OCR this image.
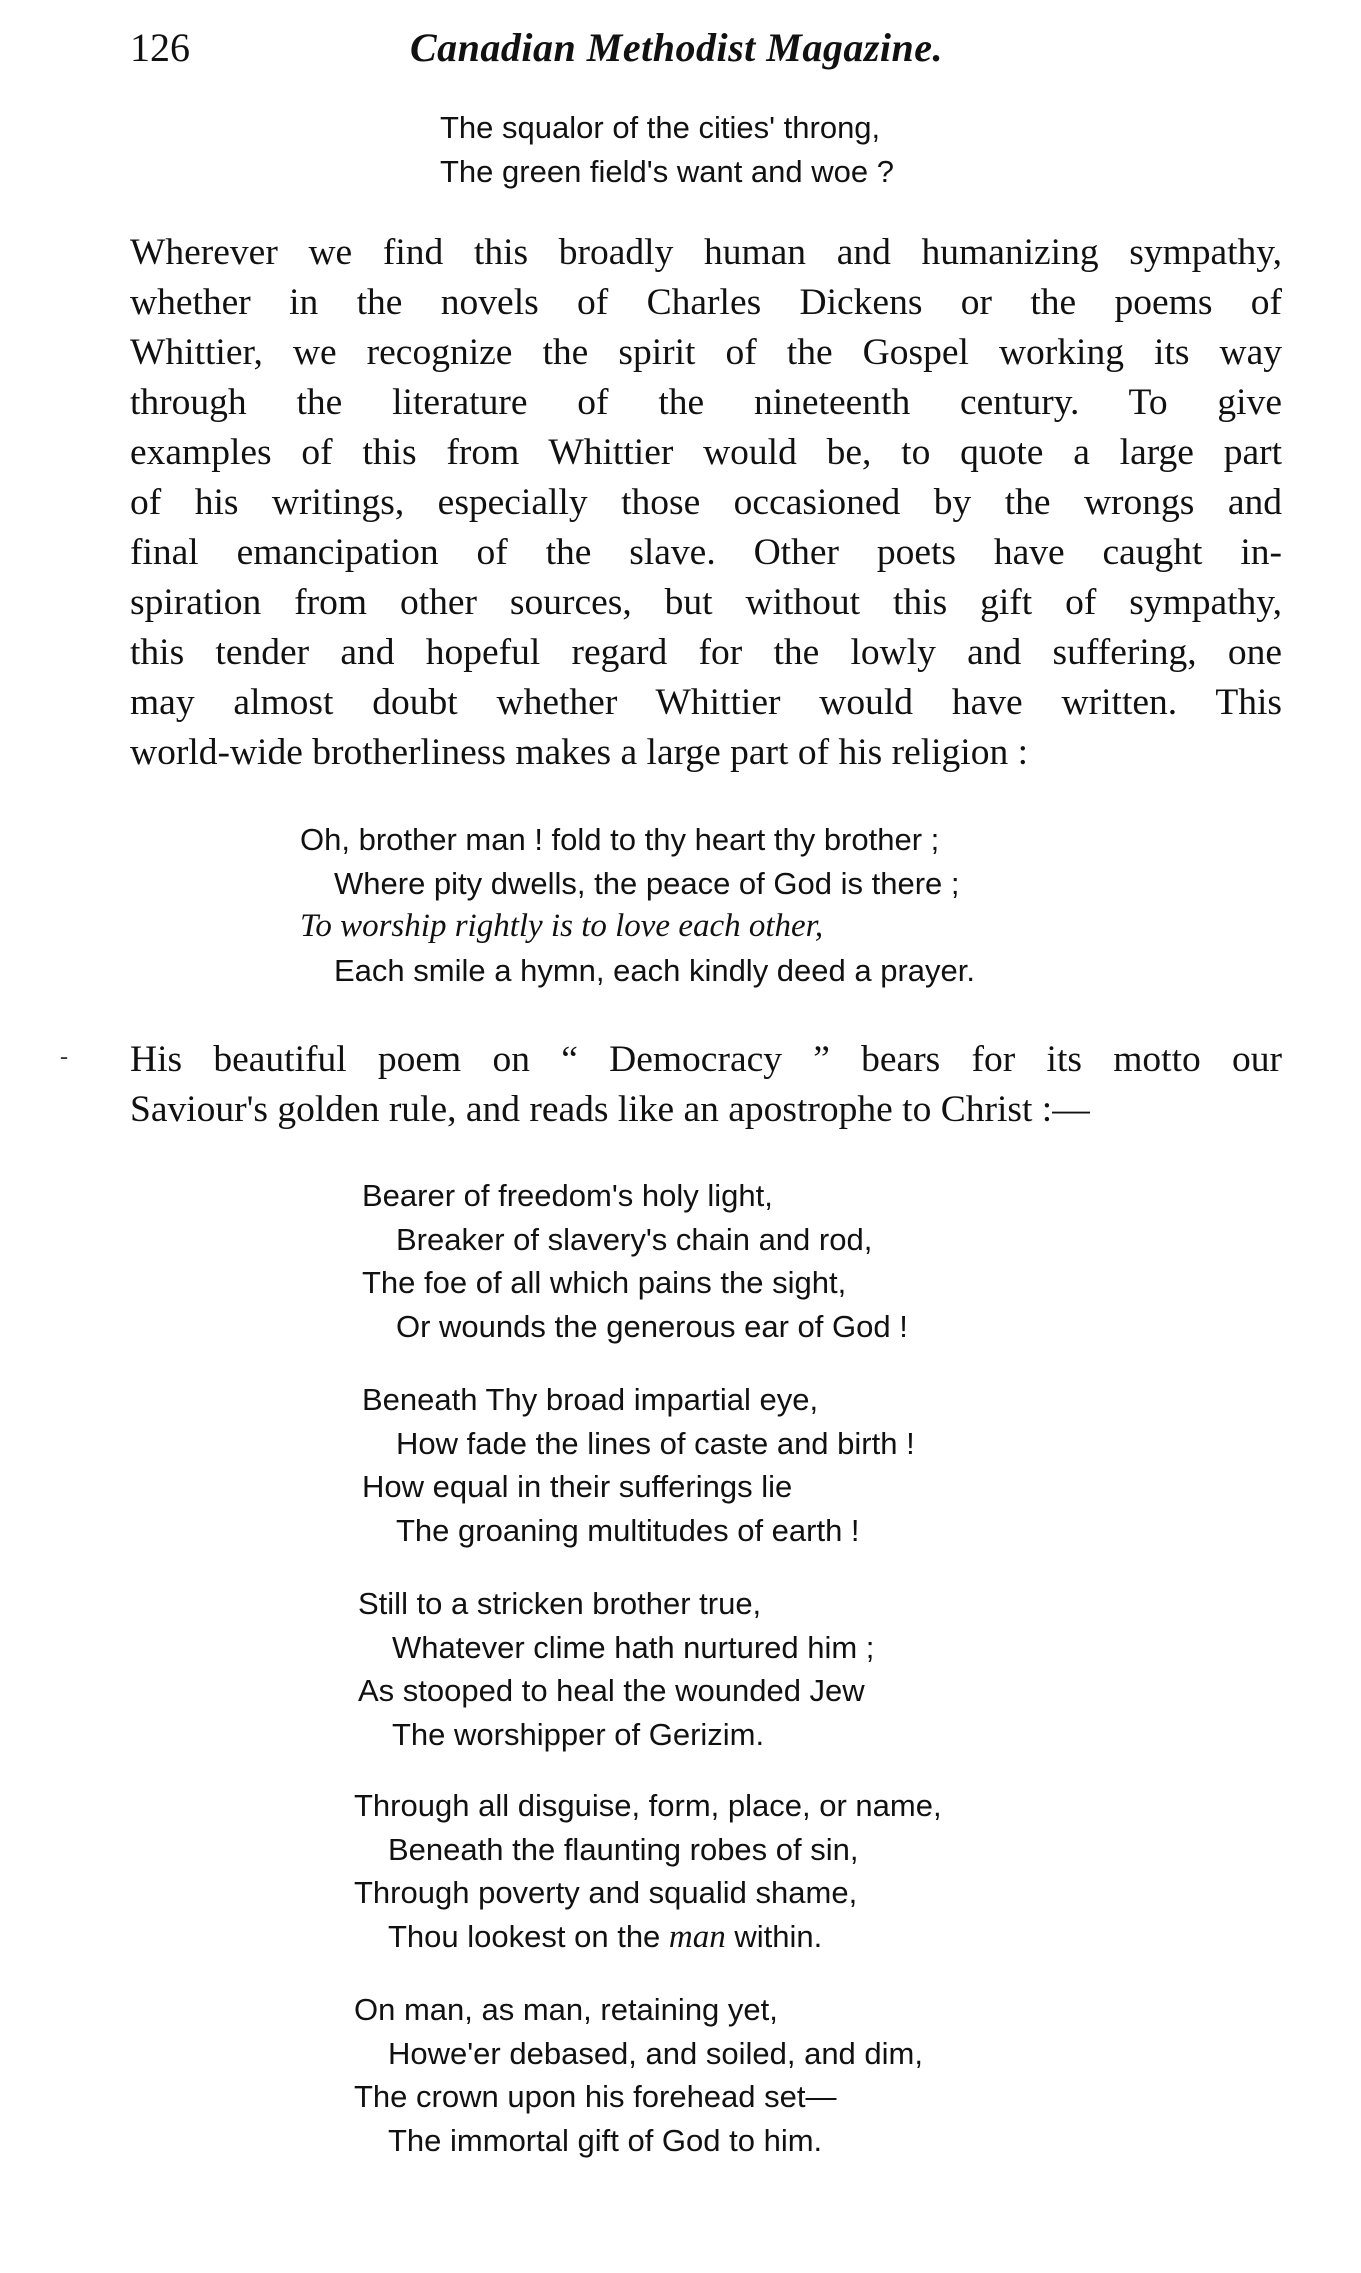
126	Canadian Methodist Magazine.
The squalor of the cities' throng,
The green field's want and woe ?
Wherever we find this broadly human and humanizing sympathy,
whether in the novels of Charles Dickens or the poems of
Whittier, we recognize the spirit of the Gospel working its way
through the literature of the nineteenth century. To give
examples of this from Whittier would be, to quote a large part
of his writings, especially those occasioned by the wrongs and
final emancipation of the slave. Other poets have caught in-
spiration from other sources, but without this gift of sympathy,
this tender and hopeful regard for the lowly and suffering, one
may almost doubt whether Whittier would have written. This
world-wide brotherliness makes a large part of his religion :
Oh, brother man ! fold to thy heart thy brother ;
Where pity dwells, the peace of God is there ;
To worship rightly is to love each other,
Each smile a hymn, each kindly deed a prayer.
- His beautiful poem on “ Democracy ” bears for its motto our
Saviour's golden rule, and reads like an apostrophe to Christ :—
Bearer of freedom's holy light,
Breaker of slavery's chain and rod,
The foe of all which pains the sight,
Or wounds the generous ear of God !
Beneath Thy broad impartial eye,
How fade the lines of caste and birth !
How equal in their sufferings lie
The groaning multitudes of earth !
Still to a stricken brother true,
Whatever clime hath nurtured him ;
As stooped to heal the wounded Jew
The worshipper of Gerizim.
Through all disguise, form, place, or name,
Beneath the flaunting robes of sin,
Through poverty and squalid shame,
Thou lookest on the man within.
On man, as man, retaining yet,
Howe'er debased, and soiled, and dim,
The crown upon his forehead set—
The immortal gift of God to him.
